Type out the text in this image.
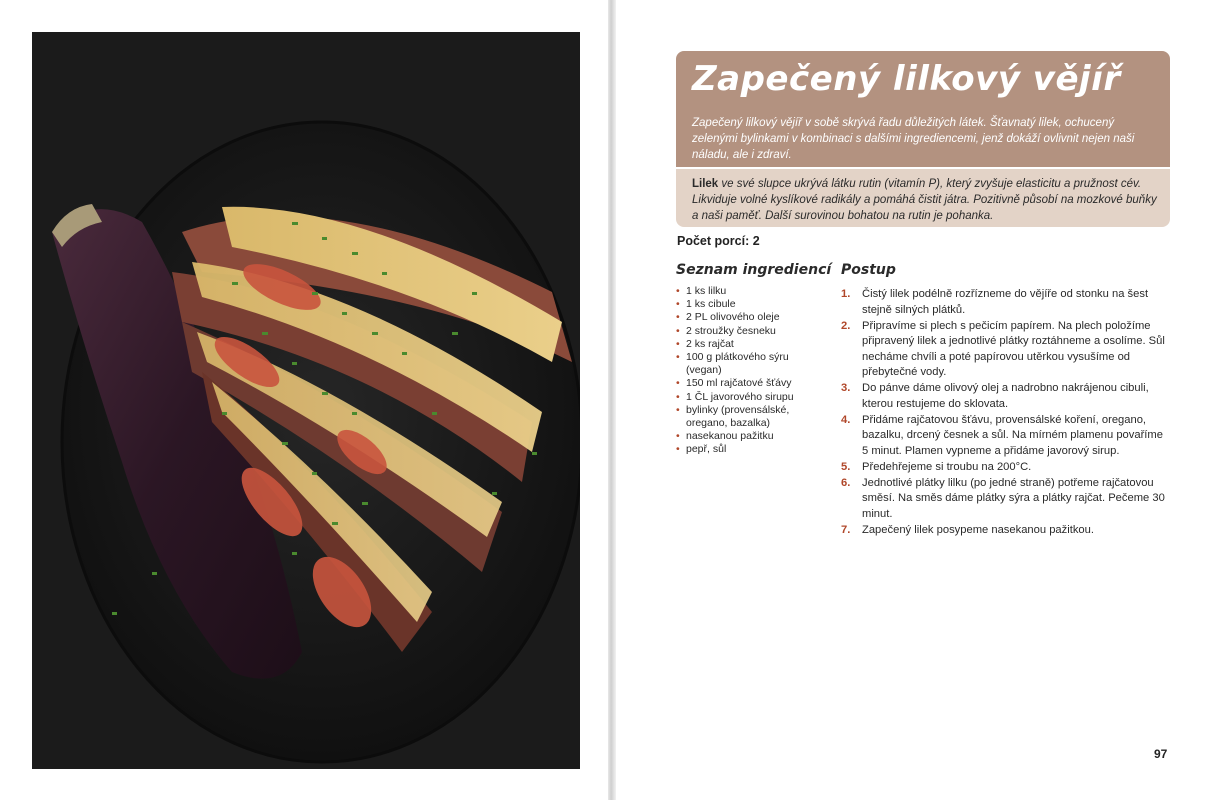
Zapečený lilkový vějíř

Zapečený lilkový vějíř v sobě skrývá řadu důležitých látek. Šťavnatý lilek, ochucený zelenými bylinkami v kombinaci s dalšími ingrediencemi, jenž dokáží ovlivnit nejen naši náladu, ale i zdraví.

Lilek ve své slupce ukrývá látku rutin (vitamín P), který zvyšuje elasticitu a pružnost cév. Likviduje volné kyslíkové radikály a pomáhá čistit játra. Pozitivně působí na mozkové buňky a naši paměť. Další surovinou bohatou na rutin je pohanka.

Počet porcí: 2
Seznam ingrediencí
• 1 ks lilku
• 1 ks cibule
• 2 PL olivového oleje
• 2 stroužky česneku
• 2 ks rajčat
• 100 g plátkového sýru (vegan)
• 150 ml rajčatové šťávy
• 1 ČL javorového sirupu
• bylinky (provensálské, oregano, bazalka)
• nasekanou pažitku
• pepř, sůl
Postup
1. Čistý lilek podélně rozřízneme do vějíře od stonku na šest stejně silných plátků.
2. Připravíme si plech s pečicím papírem. Na plech položíme připravený lilek a jednotlivé plátky roztáhneme a osolíme. Sůl necháme chvíli a poté papírovou utěrkou vysušíme od přebytečné vody.
3. Do pánve dáme olivový olej a nadrobno nakrájenou cibuli, kterou restujeme do sklovata.
4. Přidáme rajčatovou šťávu, provensálské koření, oregano, bazalku, drcený česnek a sůl. Na mírném plamenu povaříme 5 minut. Plamen vypneme a přidáme javorový sirup.
5. Předehřejeme si troubu na 200°C.
6. Jednotlivé plátky lilku (po jedné straně) potřeme rajčatovou směsí. Na směs dáme plátky sýra a plátky rajčat. Pečeme 30 minut.
7. Zapečený lilek posypeme nasekanou pažitkou.
97
